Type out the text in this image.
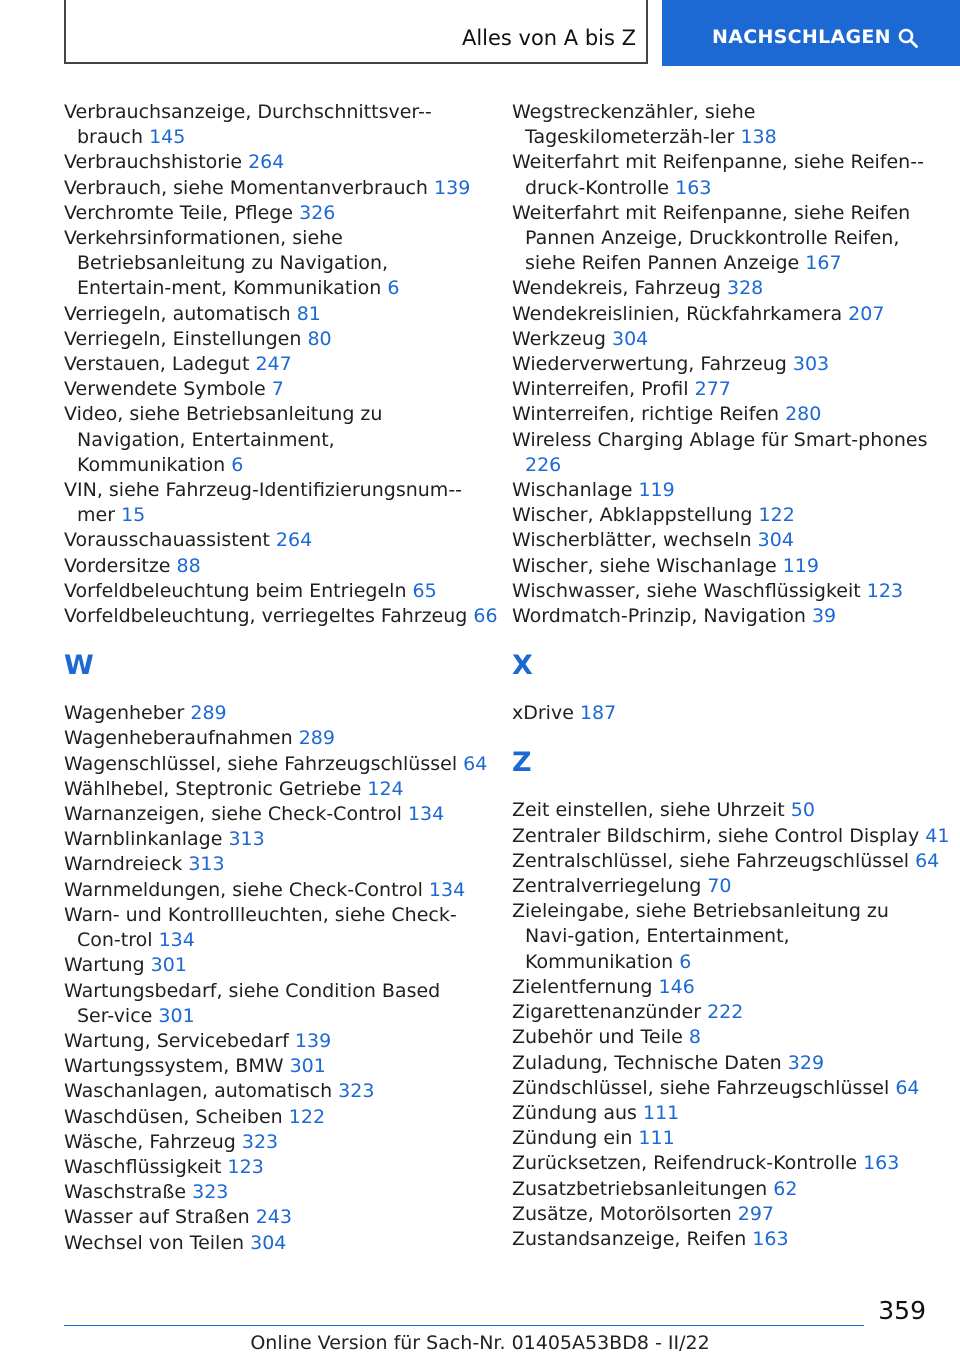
Alles von A bis Z	NACHSCHLAGEN
Verbrauchsanzeige, Durchschnittsver-brauch 145
Verbrauchshistorie 264
Verbrauch, siehe Momentanverbrauch 139
Verchromte Teile, Pflege 326
Verkehrsinformationen, siehe Betriebsanleitung zu Navigation, Entertain-ment, Kommunikation 6
Verriegeln, automatisch 81
Verriegeln, Einstellungen 80
Verstauen, Ladegut 247
Verwendete Symbole 7
Video, siehe Betriebsanleitung zu Navigation, Entertainment, Kommunikation 6
VIN, siehe Fahrzeug-Identifizierungsnum-mer 15
Vorausschauassistent 264
Vordersitze 88
Vorfeldbeleuchtung beim Entriegeln 65
Vorfeldbeleuchtung, verriegeltes Fahrzeug 66
W
Wagenheber 289
Wagenheberaufnahmen 289
Wagenschlüssel, siehe Fahrzeugschlüssel 64
Wählhebel, Steptronic Getriebe 124
Warnanzeigen, siehe Check-Control 134
Warnblinkanlage 313
Warndreieck 313
Warnmeldungen, siehe Check-Control 134
Warn- und Kontrollleuchten, siehe Check-Con-trol 134
Wartung 301
Wartungsbedarf, siehe Condition Based Ser-vice 301
Wartung, Servicebedarf 139
Wartungssystem, BMW 301
Waschanlagen, automatisch 323
Waschdüsen, Scheiben 122
Wäsche, Fahrzeug 323
Waschflüssigkeit 123
Waschstraße 323
Wasser auf Straßen 243
Wechsel von Teilen 304
Wegstreckenzähler, siehe Tageskilometerzäh-ler 138
Weiterfahrt mit Reifenpanne, siehe Reifen-druck-Kontrolle 163
Weiterfahrt mit Reifenpanne, siehe Reifen Pannen Anzeige, Druckkontrolle Reifen, siehe Reifen Pannen Anzeige 167
Wendekreis, Fahrzeug 328
Wendekreislinien, Rückfahrkamera 207
Werkzeug 304
Wiederverwertung, Fahrzeug 303
Winterreifen, Profil 277
Winterreifen, richtige Reifen 280
Wireless Charging Ablage für Smart-phones 226
Wischanlage 119
Wischer, Abklappstellung 122
Wischerblätter, wechseln 304
Wischer, siehe Wischanlage 119
Wischwasser, siehe Waschflüssigkeit 123
Wordmatch-Prinzip, Navigation 39
X
xDrive 187
Z
Zeit einstellen, siehe Uhrzeit 50
Zentraler Bildschirm, siehe Control Display 41
Zentralschlüssel, siehe Fahrzeugschlüssel 64
Zentralverriegelung 70
Zieleingabe, siehe Betriebsanleitung zu Navi-gation, Entertainment, Kommunikation 6
Zielentfernung 146
Zigarettenanzünder 222
Zubehör und Teile 8
Zuladung, Technische Daten 329
Zündschlüssel, siehe Fahrzeugschlüssel 64
Zündung aus 111
Zündung ein 111
Zurücksetzen, Reifendruck-Kontrolle 163
Zusatzbetriebsanleitungen 62
Zusätze, Motorölsorten 297
Zustandsanzeige, Reifen 163
359
Online Version für Sach-Nr. 01405A53BD8 - II/22
